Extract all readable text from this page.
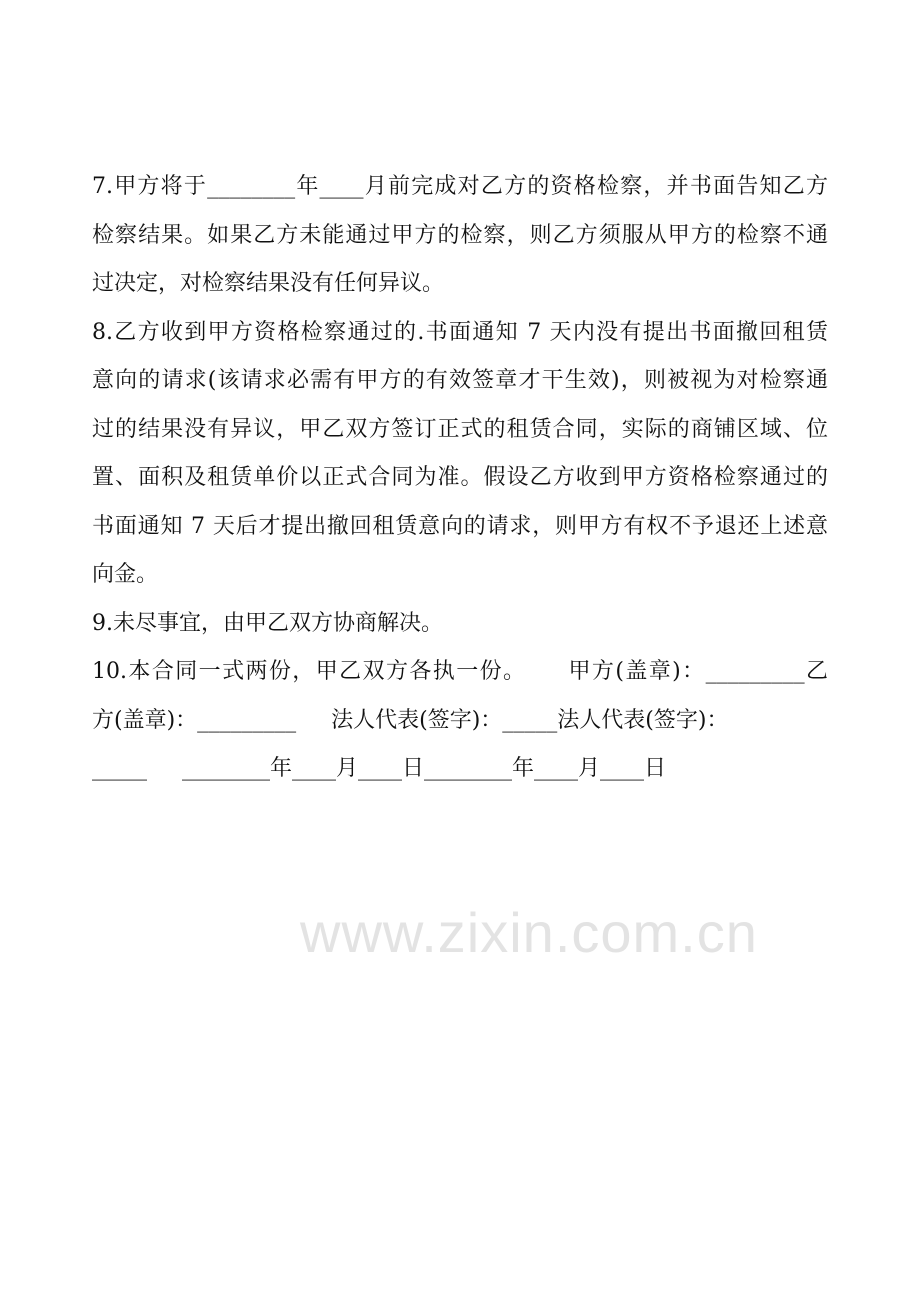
www.zixin.com.cn
7.甲方将于________年____月前完成对乙方的资格检察，并书面告知乙方
检察结果。如果乙方未能通过甲方的检察，则乙方须服从甲方的检察不通
过决定，对检察结果没有任何异议。
8.乙方收到甲方资格检察通过的.书面通知 7 天内没有提出书面撤回租赁
意向的请求(该请求必需有甲方的有效签章才干生效)，则被视为对检察通
过的结果没有异议，甲乙双方签订正式的租赁合同，实际的商铺区域、位
置、面积及租赁单价以正式合同为准。假设乙方收到甲方资格检察通过的
书面通知 7 天后才提出撤回租赁意向的请求，则甲方有权不予退还上述意
向金。
9.未尽事宜，由甲乙双方协商解决。
10.本合同一式两份，甲乙双方各执一份。     甲方(盖章)：_________乙
方(盖章)：_________     法人代表(签字)：_____法人代表(签字)：
_____     ________年____月____日________年____月____日
